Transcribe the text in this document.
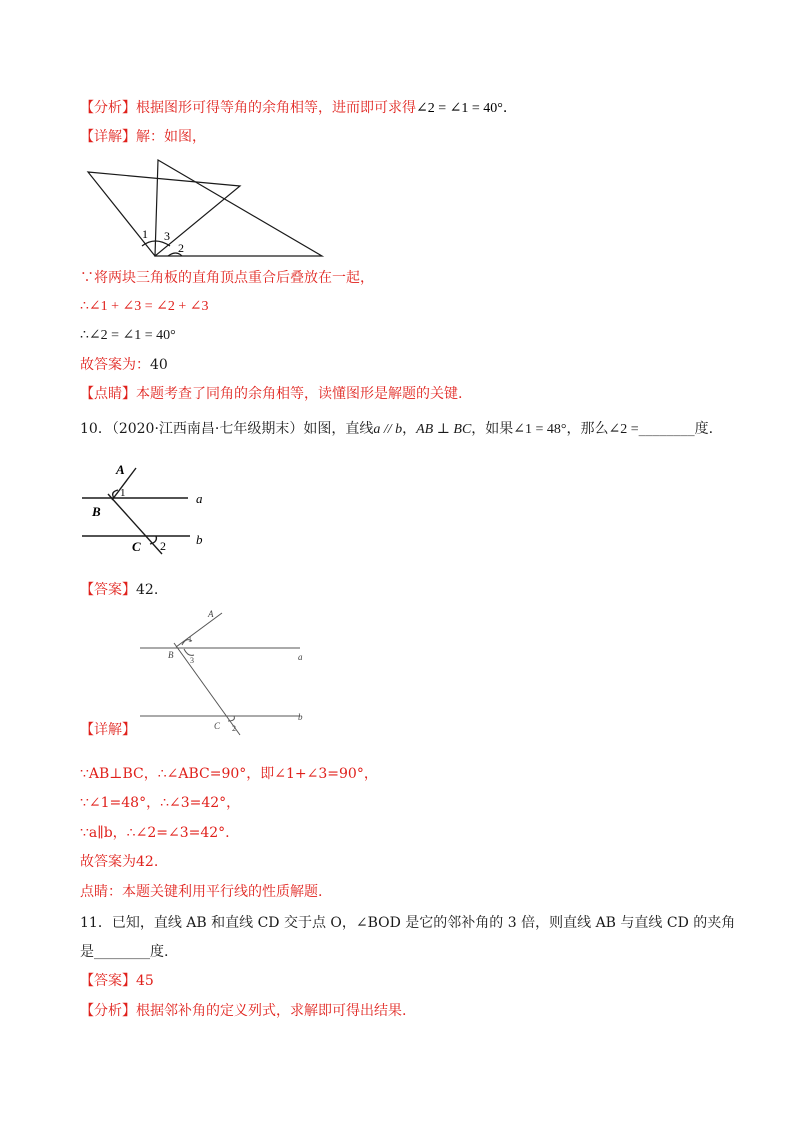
【分析】根据图形可得等角的余角相等，进而即可求得∠2 = ∠1 = 40°.
【详解】解：如图，
1 3
2
∵将两块三角板的直角顶点重合后叠放在一起，
∴∠1 + ∠3 = ∠2 + ∠3
∴∠2 = ∠1 = 40°
故答案为：40
【点睛】本题考查了同角的余角相等，读懂图形是解题的关键.
10．（2020·江西南昌·七年级期末）如图，直线a // b，AB ⊥ BC，如果∠1 = 48°，那么∠2 =________度.
A
1	a
B
C 2 b
【答案】42.
A
1
B
3	a
C 2
b
【详解】
∵AB⊥BC，∴∠ABC=90°，即∠1+∠3=90°，
∵∠1=48°，∴∠3=42°，
∵a∥b，∴∠2=∠3=42°.
故答案为42.
点睛：本题关键利用平行线的性质解题.
11．已知，直线 AB 和直线 CD 交于点 O，∠BOD 是它的邻补角的 3 倍，则直线 AB 与直线 CD 的夹角
是________度.
【答案】45
【分析】根据邻补角的定义列式，求解即可得出结果.
